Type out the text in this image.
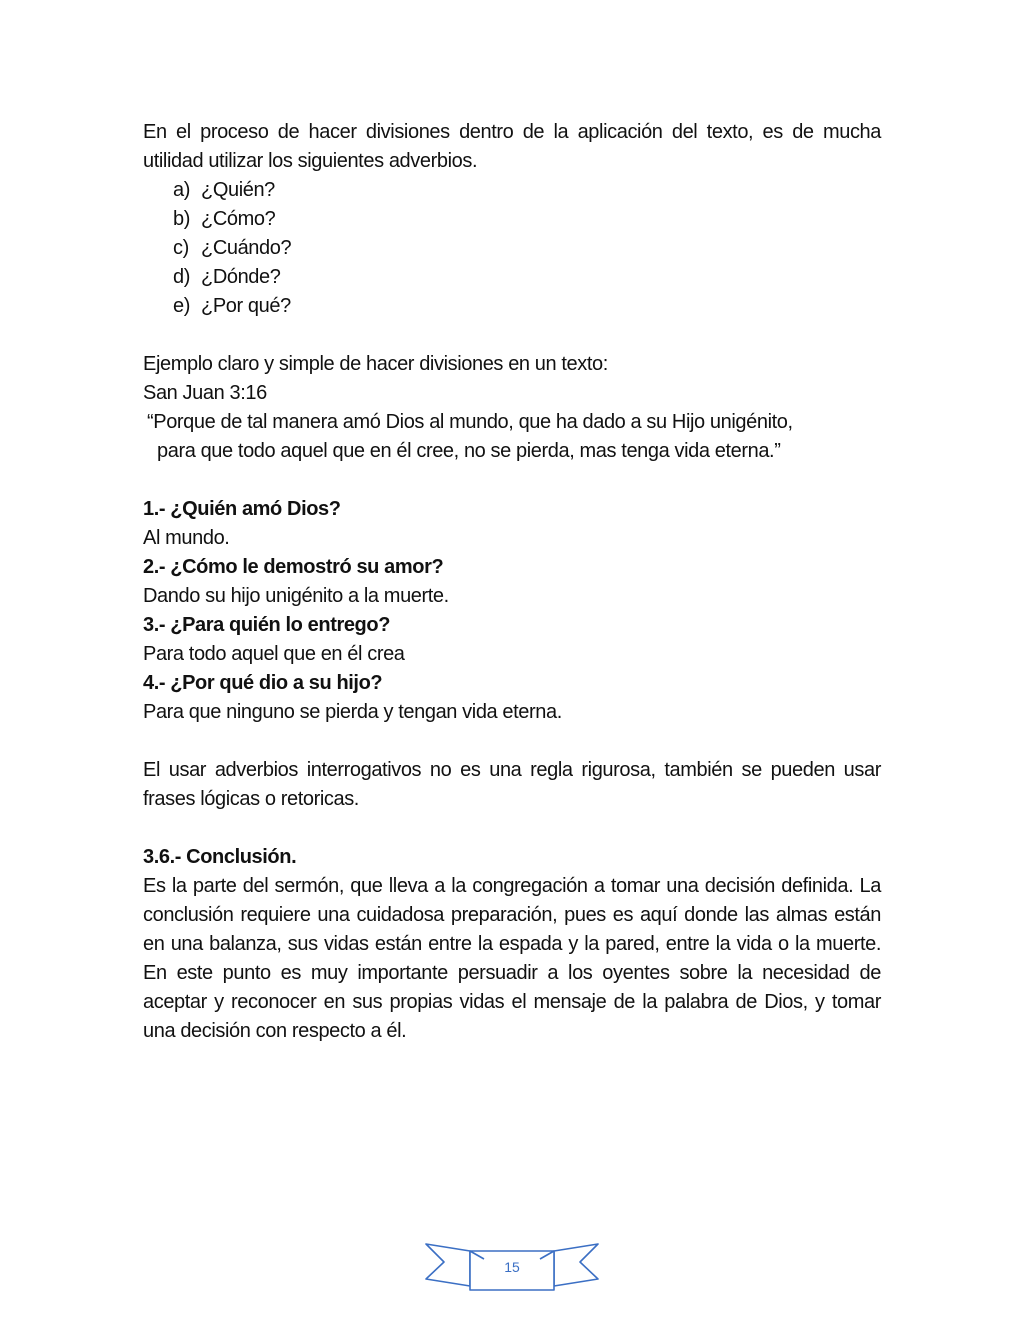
En el proceso de hacer divisiones dentro de la aplicación del texto, es de mucha utilidad utilizar los siguientes adverbios.

a) ¿Quién?
b) ¿Cómo?
c) ¿Cuándo?
d) ¿Dónde?
e) ¿Por qué?

Ejemplo claro y simple de hacer divisiones en un texto:

San Juan 3:16

“Porque de tal manera amó Dios al mundo, que ha dado a su Hijo unigénito,

para que todo aquel que en él cree, no se pierda, mas tenga vida eterna.”

1.- ¿Quién amó Dios?

Al mundo.

2.- ¿Cómo le demostró su amor?

Dando su hijo unigénito a la muerte.

3.- ¿Para quién lo entrego?

Para todo aquel que en él crea

4.- ¿Por qué dio a su hijo?

Para que ninguno se pierda y tengan vida eterna.

El usar adverbios interrogativos no es una regla rigurosa, también se pueden usar frases lógicas o retoricas.

3.6.- Conclusión.

Es la parte del sermón, que lleva a la congregación a tomar una decisión definida. La conclusión requiere una cuidadosa preparación, pues es aquí donde las almas están en una balanza, sus vidas están entre la espada y la pared, entre la vida o la muerte. En este punto es muy importante persuadir a los oyentes sobre la necesidad de aceptar y reconocer en sus propias vidas el mensaje de la palabra de Dios, y tomar una decisión con respecto a él.

15
